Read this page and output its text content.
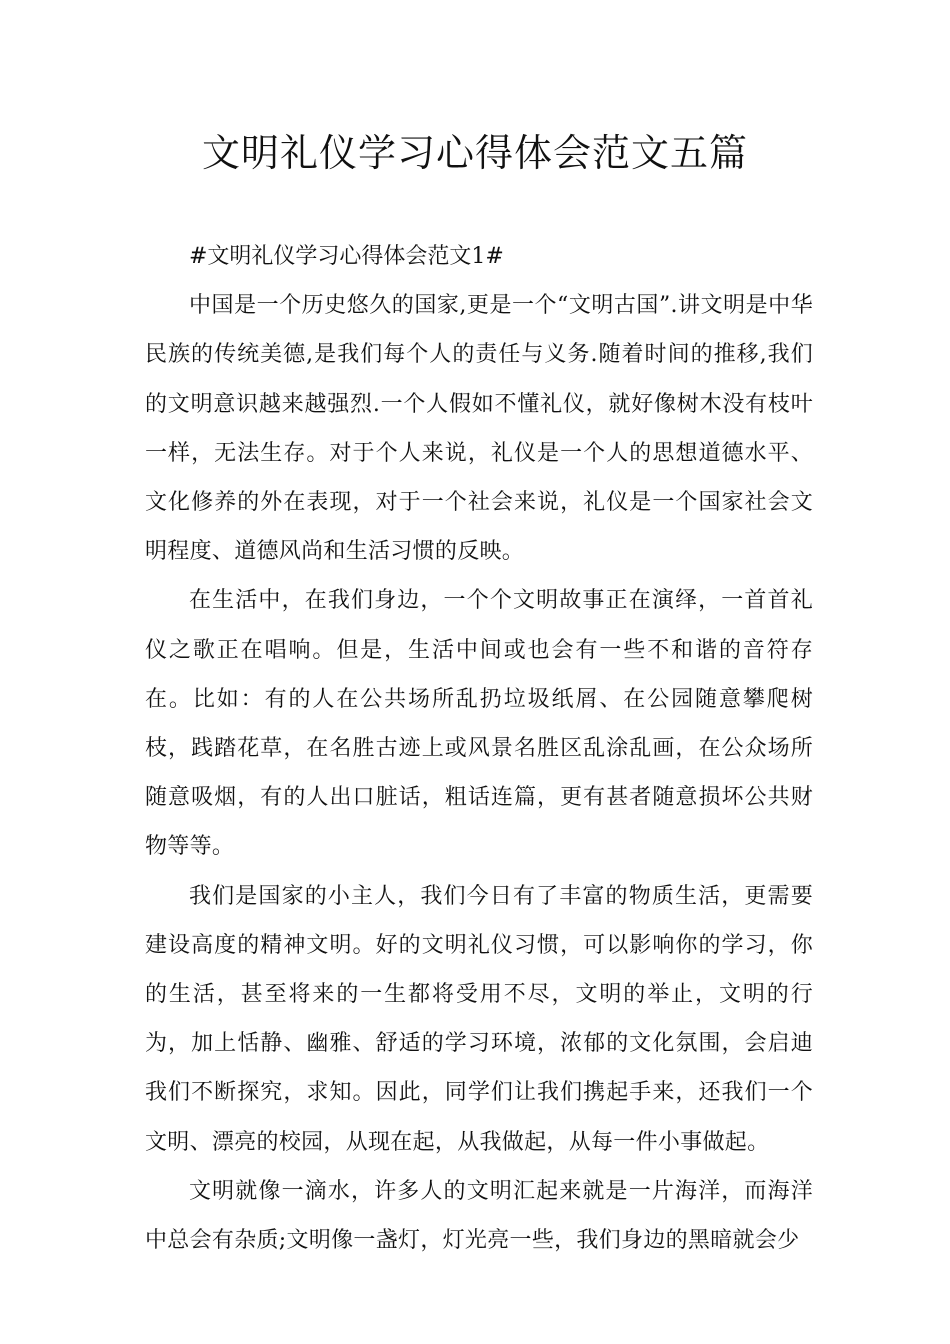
文明礼仪学习心得体会范文五篇

#文明礼仪学习心得体会范文1#

中国是一个历史悠久的国家,更是一个“文明古国”.讲文明是中华民族的传统美德,是我们每个人的责任与义务.随着时间的推移,我们的文明意识越来越强烈.一个人假如不懂礼仪，就好像树木没有枝叶一样，无法生存。对于个人来说，礼仪是一个人的思想道德水平、文化修养的外在表现，对于一个社会来说，礼仪是一个国家社会文明程度、道德风尚和生活习惯的反映。

在生活中，在我们身边，一个个文明故事正在演绎，一首首礼仪之歌正在唱响。但是，生活中间或也会有一些不和谐的音符存在。比如：有的人在公共场所乱扔垃圾纸屑、在公园随意攀爬树枝，践踏花草，在名胜古迹上或风景名胜区乱涂乱画，在公众场所随意吸烟，有的人出口脏话，粗话连篇，更有甚者随意损坏公共财物等等。

我们是国家的小主人，我们今日有了丰富的物质生活，更需要建设高度的精神文明。好的文明礼仪习惯，可以影响你的学习，你的生活，甚至将来的一生都将受用不尽，文明的举止，文明的行为，加上恬静、幽雅、舒适的学习环境，浓郁的文化氛围，会启迪我们不断探究，求知。因此，同学们让我们携起手来，还我们一个文明、漂亮的校园，从现在起，从我做起，从每一件小事做起。

文明就像一滴水，许多人的文明汇起来就是一片海洋，而海洋中总会有杂质;文明像一盏灯，灯光亮一些，我们身边的黑暗就会少
